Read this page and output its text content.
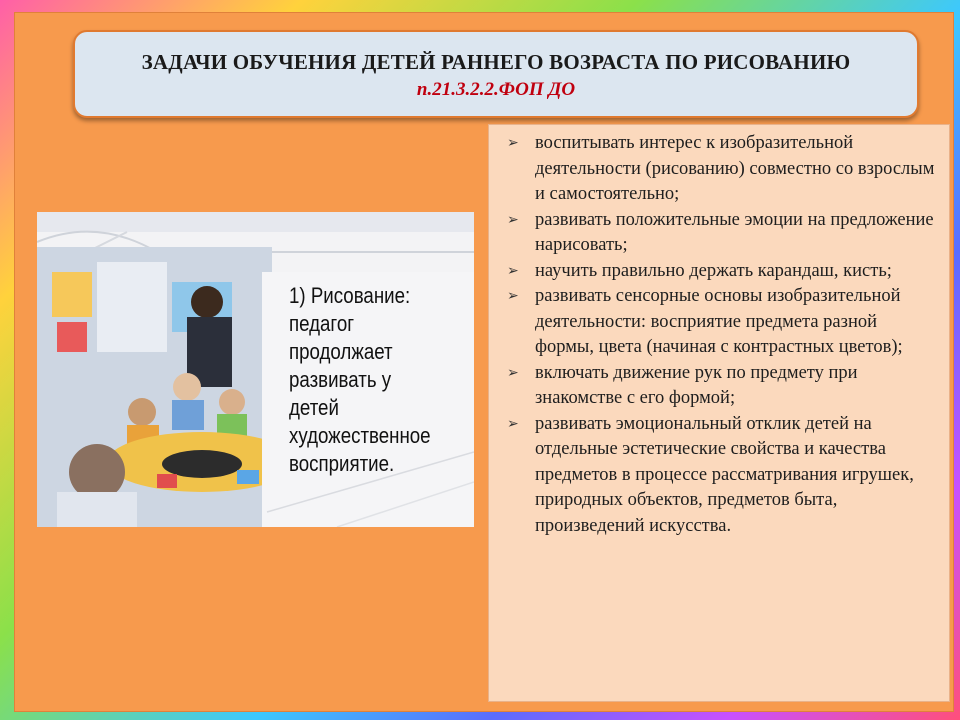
ЗАДАЧИ ОБУЧЕНИЯ ДЕТЕЙ РАННЕГО ВОЗРАСТА ПО РИСОВАНИЮ
п.21.3.2.2.ФОП ДО
1) Рисование: педагог продолжает развивать у детей художественное восприятие.
➢ воспитывать интерес к изобразительной деятельности (рисованию) совместно со взрослым и самостоятельно;
➢ развивать положительные эмоции на предложение нарисовать;
➢ научить правильно держать карандаш, кисть;
➢ развивать сенсорные основы изобразительной деятельности: восприятие предмета разной формы, цвета (начиная с контрастных цветов);
➢ включать движение рук по предмету при знакомстве с его формой;
➢ развивать эмоциональный отклик детей на отдельные эстетические свойства и качества предметов в процессе рассматривания игрушек, природных объектов, предметов быта, произведений искусства.
